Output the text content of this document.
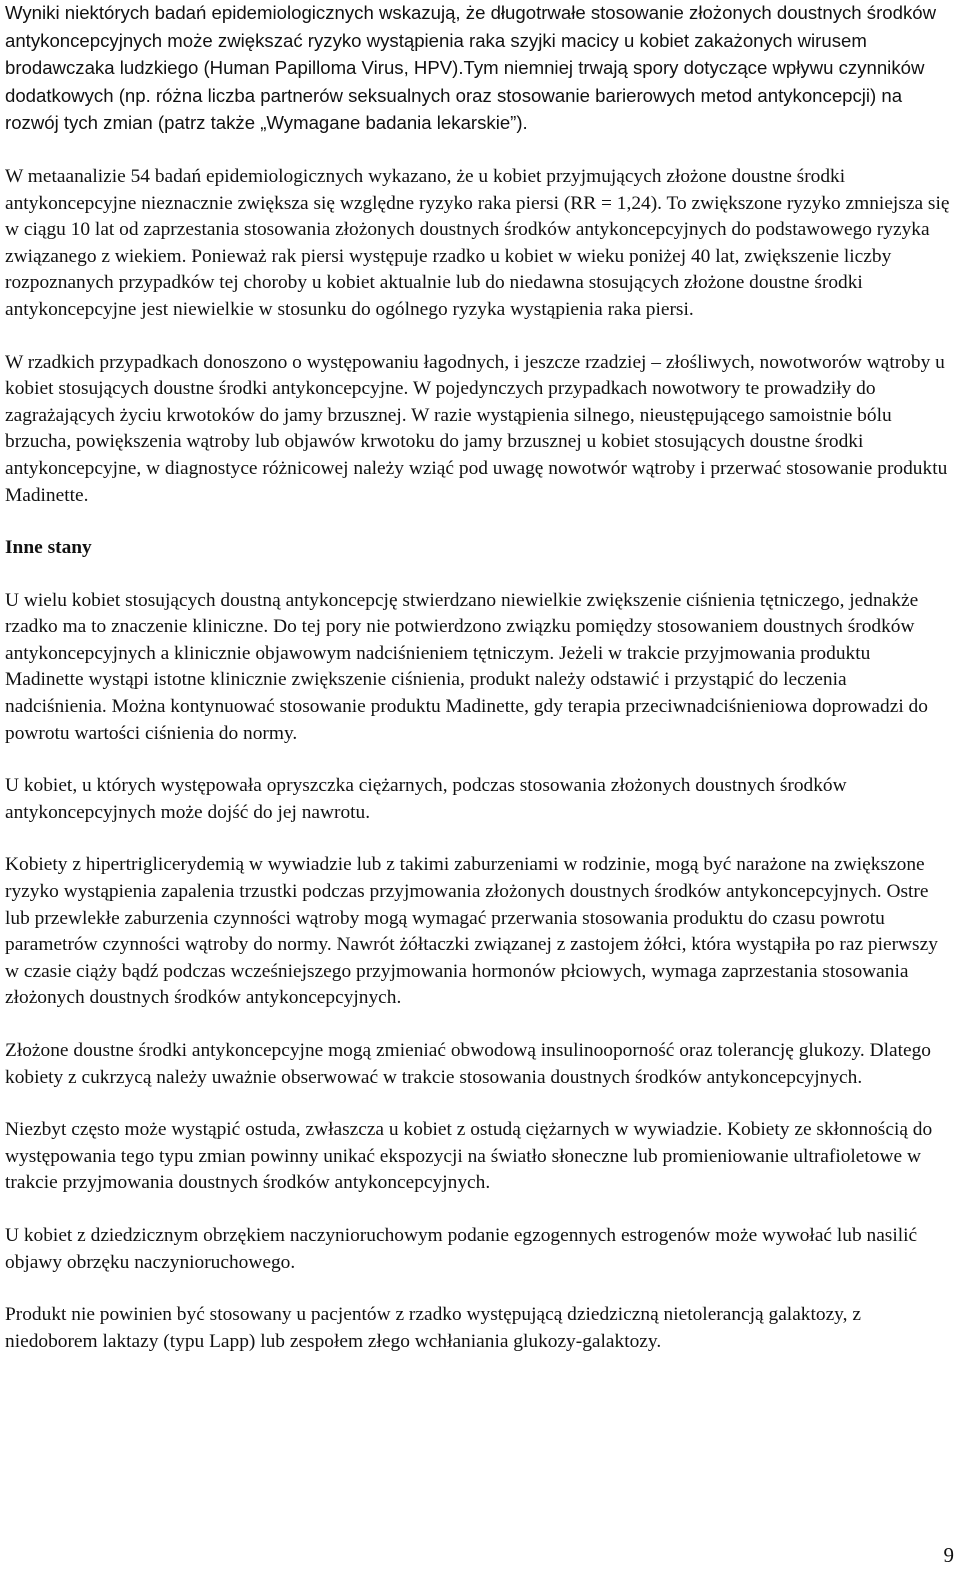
Wyniki niektórych badań epidemiologicznych wskazują, że długotrwałe stosowanie złożonych doustnych środków antykoncepcyjnych może zwiększać ryzyko wystąpienia raka szyjki macicy u kobiet zakażonych wirusem brodawczaka ludzkiego (Human Papilloma Virus, HPV).Tym niemniej trwają spory dotyczące wpływu czynników dodatkowych (np. różna liczba partnerów seksualnych oraz stosowanie barierowych metod antykoncepcji) na rozwój tych zmian (patrz także „Wymagane badania lekarskie”).

W metaanalizie 54 badań epidemiologicznych wykazano, że u kobiet przyjmujących złożone doustne środki antykoncepcyjne nieznacznie zwiększa się względne ryzyko raka piersi (RR = 1,24). To zwiększone ryzyko zmniejsza się w ciągu 10 lat od zaprzestania stosowania złożonych doustnych środków antykoncepcyjnych do podstawowego ryzyka związanego z wiekiem. Ponieważ rak piersi występuje rzadko u kobiet w wieku poniżej 40 lat, zwiększenie liczby rozpoznanych przypadków tej choroby u kobiet aktualnie lub do niedawna stosujących złożone doustne środki antykoncepcyjne jest niewielkie w stosunku do ogólnego ryzyka wystąpienia raka piersi.

W rzadkich przypadkach donoszono o występowaniu łagodnych, i jeszcze rzadziej – złośliwych, nowotworów wątroby u kobiet stosujących doustne środki antykoncepcyjne. W pojedynczych przypadkach nowotwory te prowadziły do zagrażających życiu krwotoków do jamy brzusznej. W razie wystąpienia silnego, nieustępującego samoistnie bólu brzucha, powiększenia wątroby lub objawów krwotoku do jamy brzusznej u kobiet stosujących doustne środki antykoncepcyjne, w diagnostyce różnicowej należy wziąć pod uwagę nowotwór wątroby i przerwać stosowanie produktu Madinette.

Inne stany

U wielu kobiet stosujących doustną antykoncepcję stwierdzano niewielkie zwiększenie ciśnienia tętniczego, jednakże rzadko ma to znaczenie kliniczne. Do tej pory nie potwierdzono związku pomiędzy stosowaniem doustnych środków antykoncepcyjnych a klinicznie objawowym nadciśnieniem tętniczym. Jeżeli w trakcie przyjmowania produktu Madinette wystąpi istotne klinicznie zwiększenie ciśnienia, produkt należy odstawić i przystąpić do leczenia nadciśnienia. Można kontynuować stosowanie produktu Madinette, gdy terapia przeciwnadciśnieniowa doprowadzi do powrotu wartości ciśnienia do normy.

U kobiet, u których występowała opryszczka ciężarnych, podczas stosowania złożonych doustnych środków antykoncepcyjnych może dojść do jej nawrotu.

Kobiety z hipertriglicerydemią w wywiadzie lub z takimi zaburzeniami w rodzinie, mogą być narażone na zwiększone ryzyko wystąpienia zapalenia trzustki podczas przyjmowania złożonych doustnych środków antykoncepcyjnych. Ostre lub przewlekłe zaburzenia czynności wątroby mogą wymagać przerwania stosowania produktu do czasu powrotu parametrów czynności wątroby do normy. Nawrót żółtaczki związanej z zastojem żółci, która wystąpiła po raz pierwszy w czasie ciąży bądź podczas wcześniejszego przyjmowania hormonów płciowych, wymaga zaprzestania stosowania złożonych doustnych środków antykoncepcyjnych.

Złożone doustne środki antykoncepcyjne mogą zmieniać obwodową insulinooporność oraz tolerancję glukozy. Dlatego kobiety z cukrzycą należy uważnie obserwować w trakcie stosowania doustnych środków antykoncepcyjnych.

Niezbyt często może wystąpić ostuda, zwłaszcza u kobiet z ostudą ciężarnych w wywiadzie. Kobiety ze skłonnością do występowania tego typu zmian powinny unikać ekspozycji na światło słoneczne lub promieniowanie ultrafioletowe w trakcie przyjmowania doustnych środków antykoncepcyjnych.

U kobiet z dziedzicznym obrzękiem naczynioruchowym podanie egzogennych estrogenów może wywołać lub nasilić objawy obrzęku naczynioruchowego.

Produkt nie powinien być stosowany u pacjentów z rzadko występującą dziedziczną nietolerancją galaktozy, z niedoborem laktazy (typu Lapp) lub zespołem złego wchłaniania glukozy-galaktozy.

9
